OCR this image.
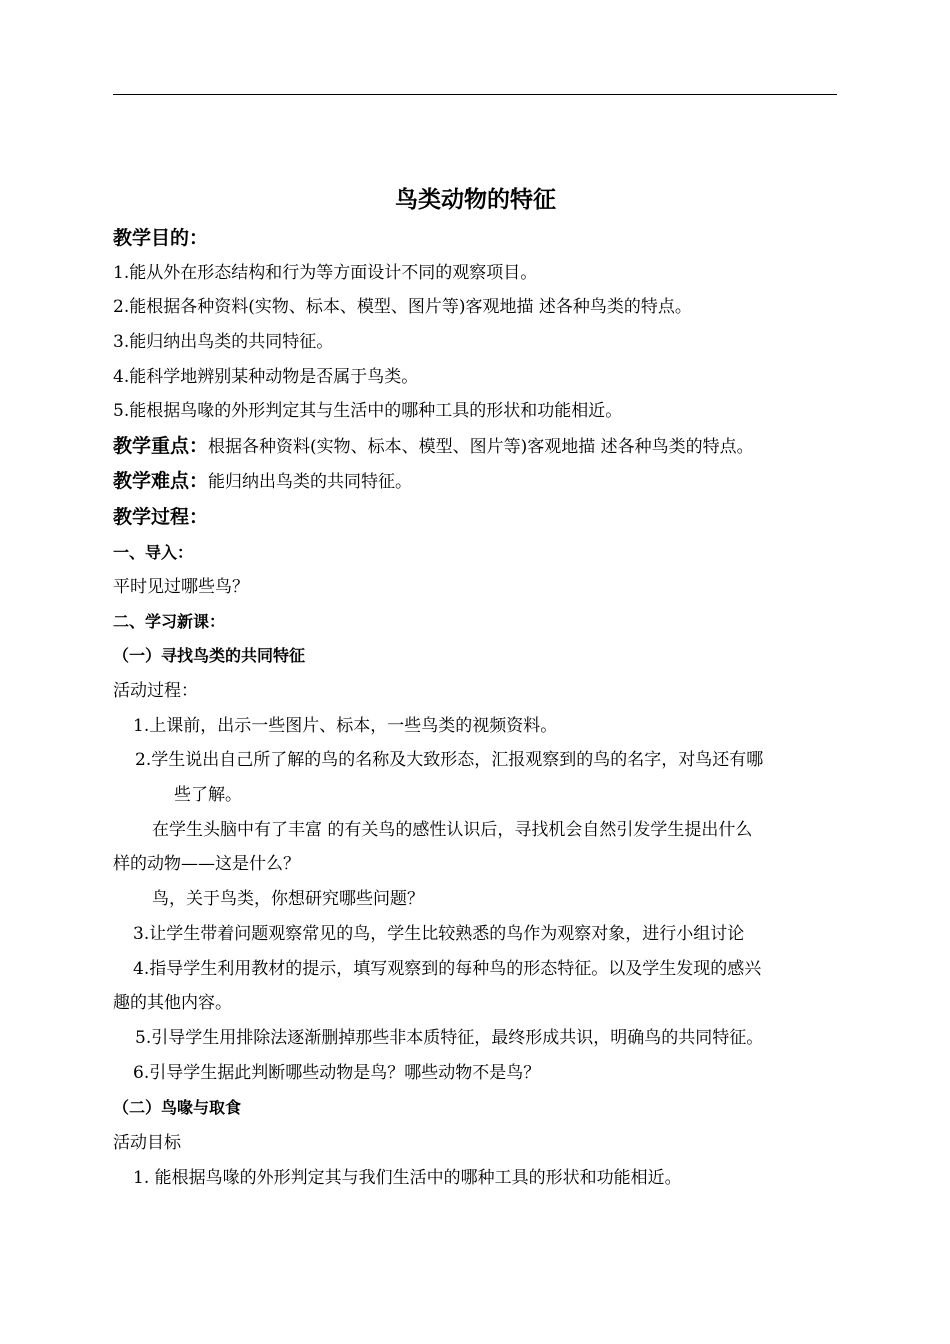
鸟类动物的特征
教学目的：
1.能从外在形态结构和行为等方面设计不同的观察项目。
2.能根据各种资料(实物、标本、模型、图片等)客观地描 述各种鸟类的特点。
3.能归纳出鸟类的共同特征。
4.能科学地辨别某种动物是否属于鸟类。
5.能根据鸟喙的外形判定其与生活中的哪种工具的形状和功能相近。
教学重点：根据各种资料(实物、标本、模型、图片等)客观地描 述各种鸟类的特点。
教学难点：能归纳出鸟类的共同特征。
教学过程：
一、导入：
平时见过哪些鸟？
二、学习新课：
（一）寻找鸟类的共同特征
活动过程：
1.上课前，出示一些图片、标本，一些鸟类的视频资料。
2.学生说出自己所了解的鸟的名称及大致形态，汇报观察到的鸟的名字，对鸟还有哪
些了解。
在学生头脑中有了丰富 的有关鸟的感性认识后，寻找机会自然引发学生提出什么
样的动物——这是什么？
鸟，关于鸟类，你想研究哪些问题？
3.让学生带着问题观察常见的鸟，学生比较熟悉的鸟作为观察对象，进行小组讨论
4.指导学生利用教材的提示，填写观察到的每种鸟的形态特征。以及学生发现的感兴
趣的其他内容。
5.引导学生用排除法逐渐删掉那些非本质特征，最终形成共识，明确鸟的共同特征。
6.引导学生据此判断哪些动物是鸟？哪些动物不是鸟？
（二）鸟喙与取食
活动目标
1. 能根据鸟喙的外形判定其与我们生活中的哪种工具的形状和功能相近。
